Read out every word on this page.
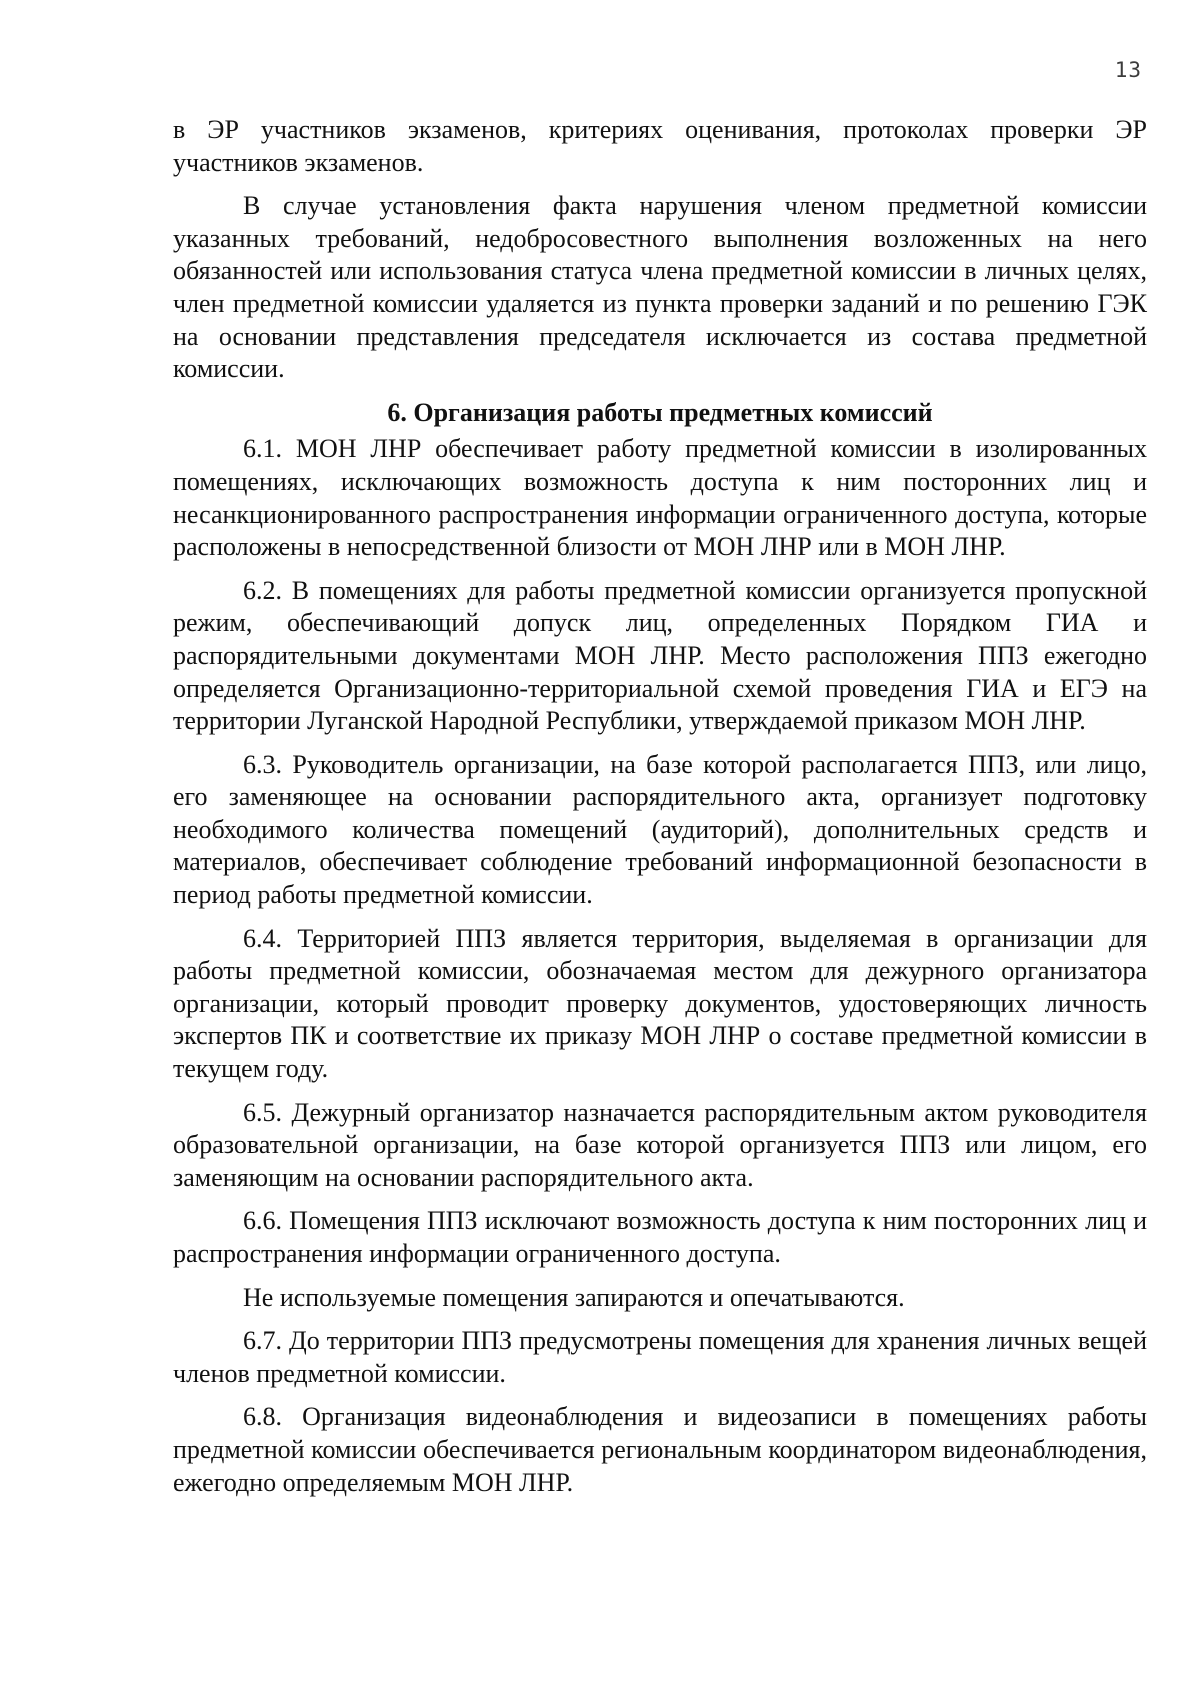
13

в ЭР участников экзаменов, критериях оценивания, протоколах проверки ЭР участников экзаменов.

В случае установления факта нарушения членом предметной комиссии указанных требований, недобросовестного выполнения возложенных на него обязанностей или использования статуса члена предметной комиссии в личных целях, член предметной комиссии удаляется из пункта проверки заданий и по решению ГЭК на основании представления председателя исключается из состава предметной комиссии.

6. Организация работы предметных комиссий

6.1. МОН ЛНР обеспечивает работу предметной комиссии в изолированных помещениях, исключающих возможность доступа к ним посторонних лиц и несанкционированного распространения информации ограниченного доступа, которые расположены в непосредственной близости от МОН ЛНР или в МОН ЛНР.

6.2. В помещениях для работы предметной комиссии организуется пропускной режим, обеспечивающий допуск лиц, определенных Порядком ГИА и распорядительными документами МОН ЛНР. Место расположения ППЗ ежегодно определяется Организационно-территориальной схемой проведения ГИА и ЕГЭ на территории Луганской Народной Республики, утверждаемой приказом МОН ЛНР.

6.3. Руководитель организации, на базе которой располагается ППЗ, или лицо, его заменяющее на основании распорядительного акта, организует подготовку необходимого количества помещений (аудиторий), дополнительных средств и материалов, обеспечивает соблюдение требований информационной безопасности в период работы предметной комиссии.

6.4. Территорией ППЗ является территория, выделяемая в организации для работы предметной комиссии, обозначаемая местом для дежурного организатора организации, который проводит проверку документов, удостоверяющих личность экспертов ПК и соответствие их приказу МОН ЛНР о составе предметной комиссии в текущем году.

6.5. Дежурный организатор назначается распорядительным актом руководителя образовательной организации, на базе которой организуется ППЗ или лицом, его заменяющим на основании распорядительного акта.

6.6. Помещения ППЗ исключают возможность доступа к ним посторонних лиц и распространения информации ограниченного доступа.

Не используемые помещения запираются и опечатываются.

6.7. До территории ППЗ предусмотрены помещения для хранения личных вещей членов предметной комиссии.

6.8. Организация видеонаблюдения и видеозаписи в помещениях работы предметной комиссии обеспечивается региональным координатором видеонаблюдения, ежегодно определяемым МОН ЛНР.
